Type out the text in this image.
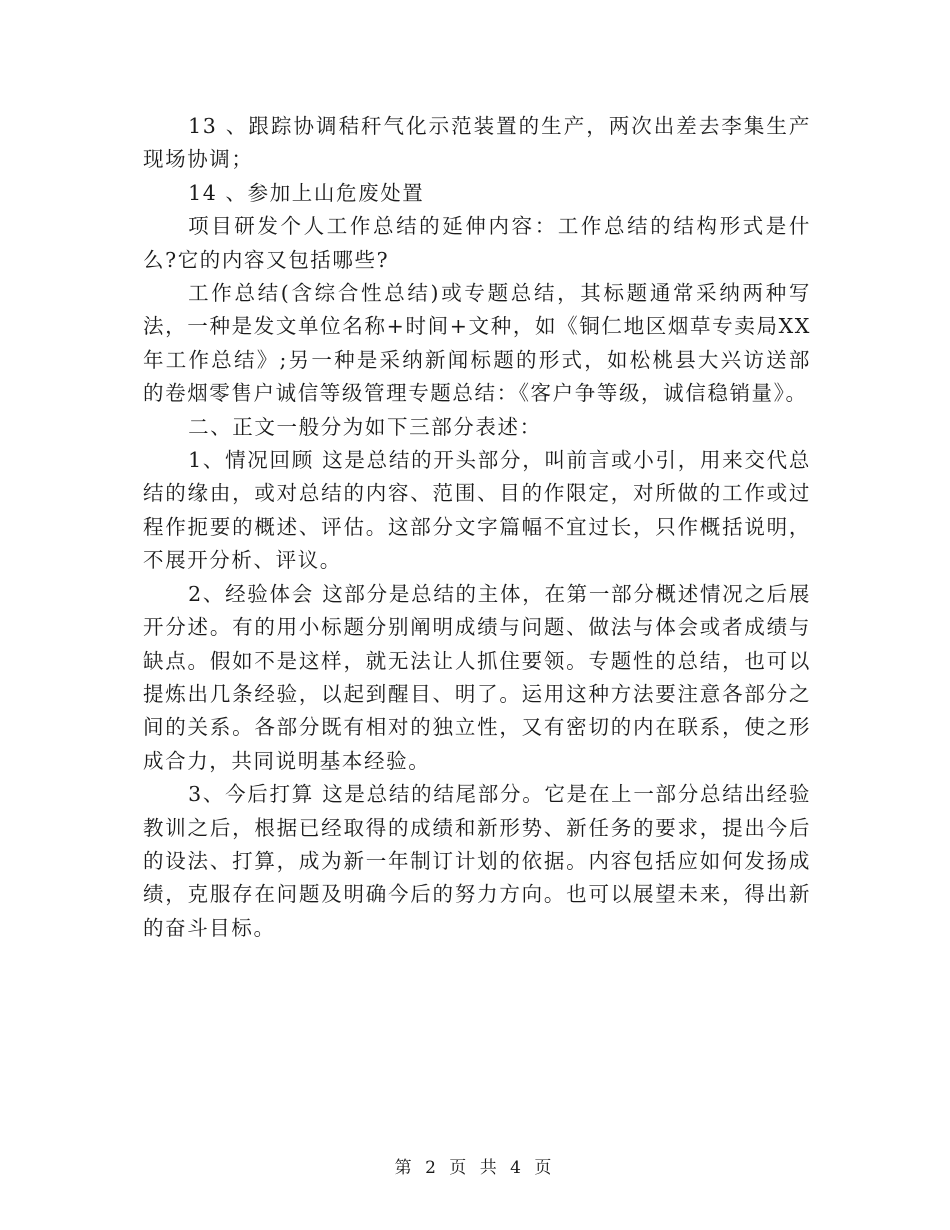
13 、跟踪协调秸秆气化示范装置的生产，两次出差去李集生产现场协调；

14 、参加上山危废处置

项目研发个人工作总结的延伸内容：工作总结的结构形式是什么?它的内容又包括哪些?

工作总结(含综合性总结)或专题总结，其标题通常采纳两种写法，一种是发文单位名称+时间+文种，如《铜仁地区烟草专卖局XX年工作总结》;另一种是采纳新闻标题的形式，如松桃县大兴访送部的卷烟零售户诚信等级管理专题总结：《客户争等级，诚信稳销量》。

二、正文一般分为如下三部分表述：

1、情况回顾 这是总结的开头部分，叫前言或小引，用来交代总结的缘由，或对总结的内容、范围、目的作限定，对所做的工作或过程作扼要的概述、评估。这部分文字篇幅不宜过长，只作概括说明，不展开分析、评议。

2、经验体会 这部分是总结的主体，在第一部分概述情况之后展开分述。有的用小标题分别阐明成绩与问题、做法与体会或者成绩与缺点。假如不是这样，就无法让人抓住要领。专题性的总结，也可以提炼出几条经验，以起到醒目、明了。运用这种方法要注意各部分之间的关系。各部分既有相对的独立性，又有密切的内在联系，使之形成合力，共同说明基本经验。

3、今后打算 这是总结的结尾部分。它是在上一部分总结出经验教训之后，根据已经取得的成绩和新形势、新任务的要求，提出今后的设法、打算，成为新一年制订计划的依据。内容包括应如何发扬成绩，克服存在问题及明确今后的努力方向。也可以展望未来，得出新的奋斗目标。

第 2 页 共 4 页
